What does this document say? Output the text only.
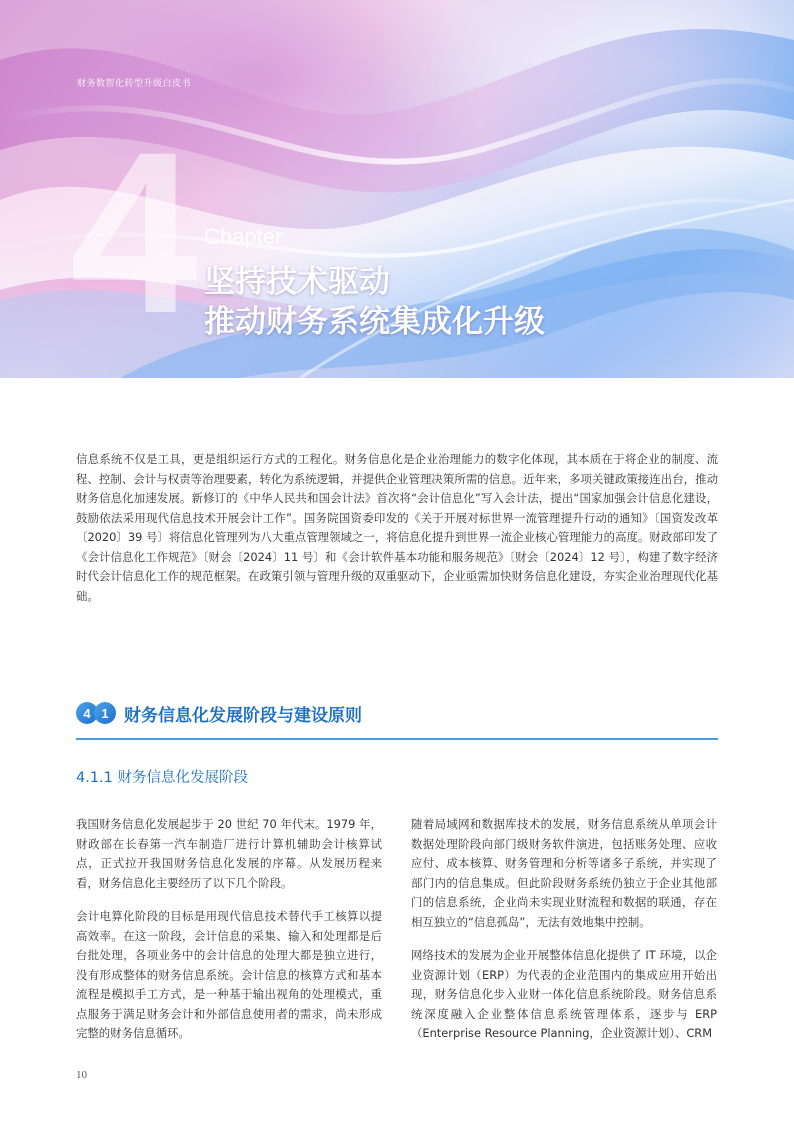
财务数智化转型升级白皮书
4 Chapter
坚持技术驱动
推动财务系统集成化升级

信息系统不仅是工具，更是组织运行方式的工程化。财务信息化是企业治理能力的数字化体现，其本质在于将企业的制度、流程、控制、会计与权责等治理要素，转化为系统逻辑，并提供企业管理决策所需的信息。近年来，多项关键政策接连出台，推动财务信息化加速发展。新修订的《中华人民共和国会计法》首次将“会计信息化”写入会计法，提出“国家加强会计信息化建设，鼓励依法采用现代信息技术开展会计工作”。国务院国资委印发的《关于开展对标世界一流管理提升行动的通知》〔国资发改革〔2020〕39 号〕将信息化管理列为八大重点管理领域之一，将信息化提升到世界一流企业核心管理能力的高度。财政部印发了《会计信息化工作规范》〔财会〔2024〕11 号〕和《会计软件基本功能和服务规范》〔财会〔2024〕12 号〕，构建了数字经济时代会计信息化工作的规范框架。在政策引领与管理升级的双重驱动下，企业亟需加快财务信息化建设，夯实企业治理现代化基础。

4 1 财务信息化发展阶段与建设原则
4.1.1 财务信息化发展阶段

我国财务信息化发展起步于 20 世纪 70 年代末。1979 年，财政部在长春第一汽车制造厂进行计算机辅助会计核算试点，正式拉开我国财务信息化发展的序幕。从发展历程来看，财务信息化主要经历了以下几个阶段。

会计电算化阶段的目标是用现代信息技术替代手工核算以提高效率。在这一阶段，会计信息的采集、输入和处理都是后台批处理，各项业务中的会计信息的处理大都是独立进行，没有形成整体的财务信息系统。会计信息的核算方式和基本流程是模拟手工方式，是一种基于输出视角的处理模式，重点服务于满足财务会计和外部信息使用者的需求，尚未形成完整的财务信息循环。

随着局域网和数据库技术的发展，财务信息系统从单项会计数据处理阶段向部门级财务软件演进，包括账务处理、应收应付、成本核算、财务管理和分析等诸多子系统，并实现了部门内的信息集成。但此阶段财务系统仍独立于企业其他部门的信息系统，企业尚未实现业财流程和数据的联通，存在相互独立的“信息孤岛”，无法有效地集中控制。

网络技术的发展为企业开展整体信息化提供了 IT 环境，以企业资源计划（ERP）为代表的企业范围内的集成应用开始出现，财务信息化步入业财一体化信息系统阶段。财务信息系统深度融入企业整体信息系统管理体系，逐步与 ERP（Enterprise Resource Planning，企业资源计划）、CRM

10
